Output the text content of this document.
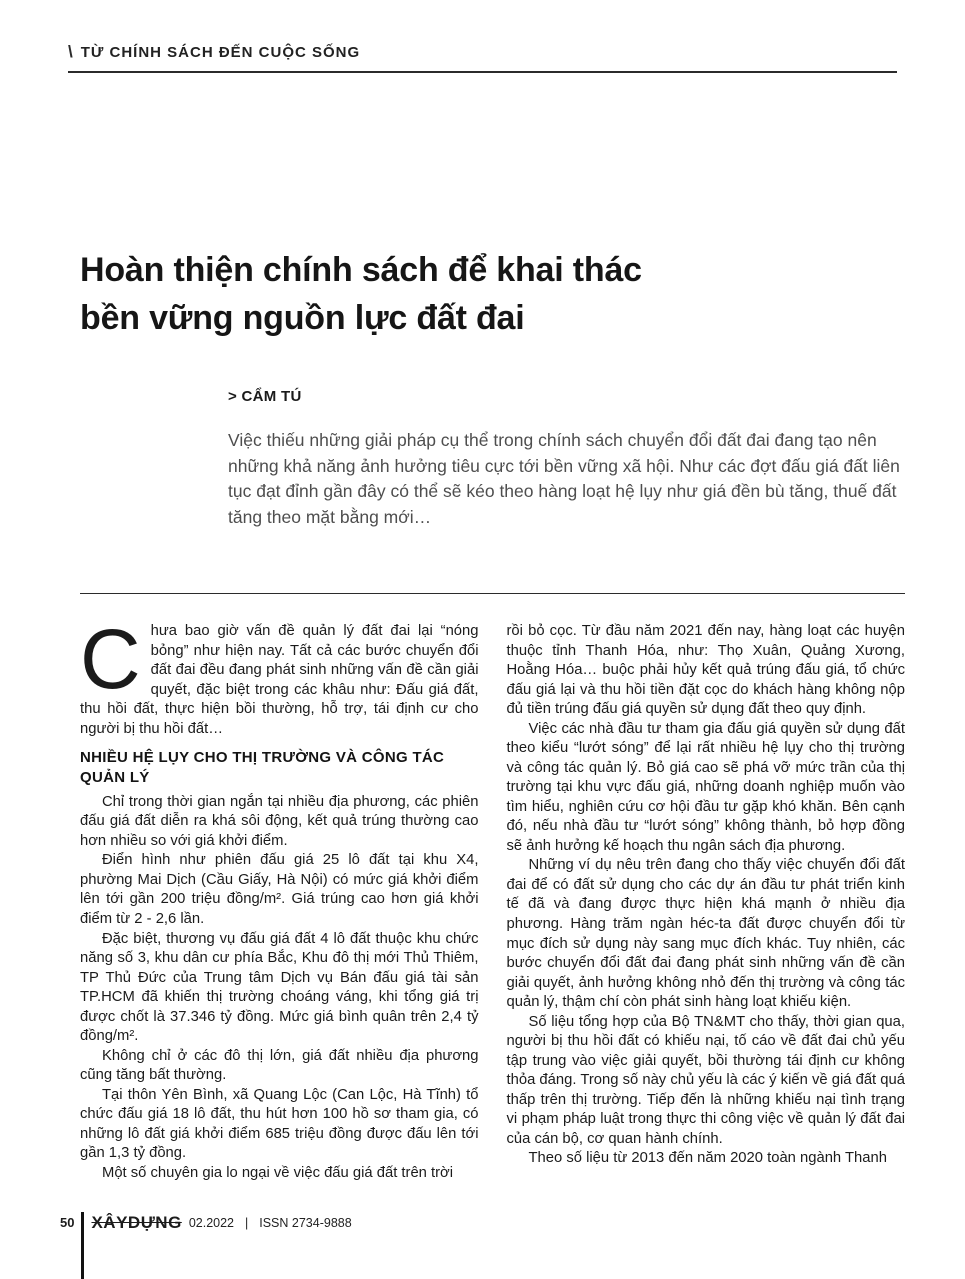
\ TỪ CHÍNH SÁCH ĐẾN CUỘC SỐNG
Hoàn thiện chính sách để khai thác
bền vững nguồn lực đất đai
> CẨM TÚ
Việc thiếu những giải pháp cụ thể trong chính sách chuyển đổi đất đai đang tạo nên những khả năng ảnh hưởng tiêu cực tới bền vững xã hội. Như các đợt đấu giá đất liên tục đạt đỉnh gần đây có thể sẽ kéo theo hàng loạt hệ lụy như giá đền bù tăng, thuế đất tăng theo mặt bằng mới…

Chưa bao giờ vấn đề quản lý đất đai lại “nóng bỏng” như hiện nay. Tất cả các bước chuyển đổi đất đai đều đang phát sinh những vấn đề cần giải quyết, đặc biệt trong các khâu như: Đấu giá đất, thu hồi đất, thực hiện bồi thường, hỗ trợ, tái định cư cho người bị thu hồi đất…

NHIỀU HỆ LỤY CHO THỊ TRƯỜNG VÀ CÔNG TÁC QUẢN LÝ

Chỉ trong thời gian ngắn tại nhiều địa phương, các phiên đấu giá đất diễn ra khá sôi động, kết quả trúng thường cao hơn nhiều so với giá khởi điểm.

Điển hình như phiên đấu giá 25 lô đất tại khu X4, phường Mai Dịch (Cầu Giấy, Hà Nội) có mức giá khởi điểm lên tới gần 200 triệu đồng/m². Giá trúng cao hơn giá khởi điểm từ 2 - 2,6 lần.

Đặc biệt, thương vụ đấu giá đất 4 lô đất thuộc khu chức năng số 3, khu dân cư phía Bắc, Khu đô thị mới Thủ Thiêm, TP Thủ Đức của Trung tâm Dịch vụ Bán đấu giá tài sản TP.HCM đã khiến thị trường choáng váng, khi tổng giá trị được chốt là 37.346 tỷ đồng. Mức giá bình quân trên 2,4 tỷ đồng/m².

Không chỉ ở các đô thị lớn, giá đất nhiều địa phương cũng tăng bất thường.

Tại thôn Yên Bình, xã Quang Lộc (Can Lộc, Hà Tĩnh) tổ chức đấu giá 18 lô đất, thu hút hơn 100 hồ sơ tham gia, có những lô đất giá khởi điểm 685 triệu đồng được đấu lên tới gần 1,3 tỷ đồng.

Một số chuyên gia lo ngại về việc đấu giá đất trên trời

rồi bỏ cọc. Từ đầu năm 2021 đến nay, hàng loạt các huyện thuộc tỉnh Thanh Hóa, như: Thọ Xuân, Quảng Xương, Hoằng Hóa… buộc phải hủy kết quả trúng đấu giá, tổ chức đấu giá lại và thu hồi tiền đặt cọc do khách hàng không nộp đủ tiền trúng đấu giá quyền sử dụng đất theo quy định.

Việc các nhà đầu tư tham gia đấu giá quyền sử dụng đất theo kiểu “lướt sóng” để lại rất nhiều hệ lụy cho thị trường và công tác quản lý. Bỏ giá cao sẽ phá vỡ mức trần của thị trường tại khu vực đấu giá, những doanh nghiệp muốn vào tìm hiểu, nghiên cứu cơ hội đầu tư gặp khó khăn. Bên cạnh đó, nếu nhà đầu tư “lướt sóng” không thành, bỏ hợp đồng sẽ ảnh hưởng kế hoạch thu ngân sách địa phương.

Những ví dụ nêu trên đang cho thấy việc chuyển đổi đất đai để có đất sử dụng cho các dự án đầu tư phát triển kinh tế đã và đang được thực hiện khá mạnh ở nhiều địa phương. Hàng trăm ngàn héc-ta đất được chuyển đổi từ mục đích sử dụng này sang mục đích khác. Tuy nhiên, các bước chuyển đổi đất đai đang phát sinh những vấn đề cần giải quyết, ảnh hưởng không nhỏ đến thị trường và công tác quản lý, thậm chí còn phát sinh hàng loạt khiếu kiện.

Số liệu tổng hợp của Bộ TN&MT cho thấy, thời gian qua, người bị thu hồi đất có khiếu nại, tố cáo về đất đai chủ yếu tập trung vào việc giải quyết, bồi thường tái định cư không thỏa đáng. Trong số này chủ yếu là các ý kiến về giá đất quá thấp trên thị trường. Tiếp đến là những khiếu nại tình trạng vi phạm pháp luật trong thực thi công việc về quản lý đất đai của cán bộ, cơ quan hành chính.

Theo số liệu từ 2013 đến năm 2020 toàn ngành Thanh

50 XÂYDỰNG 02.2022 | ISSN 2734-9888
